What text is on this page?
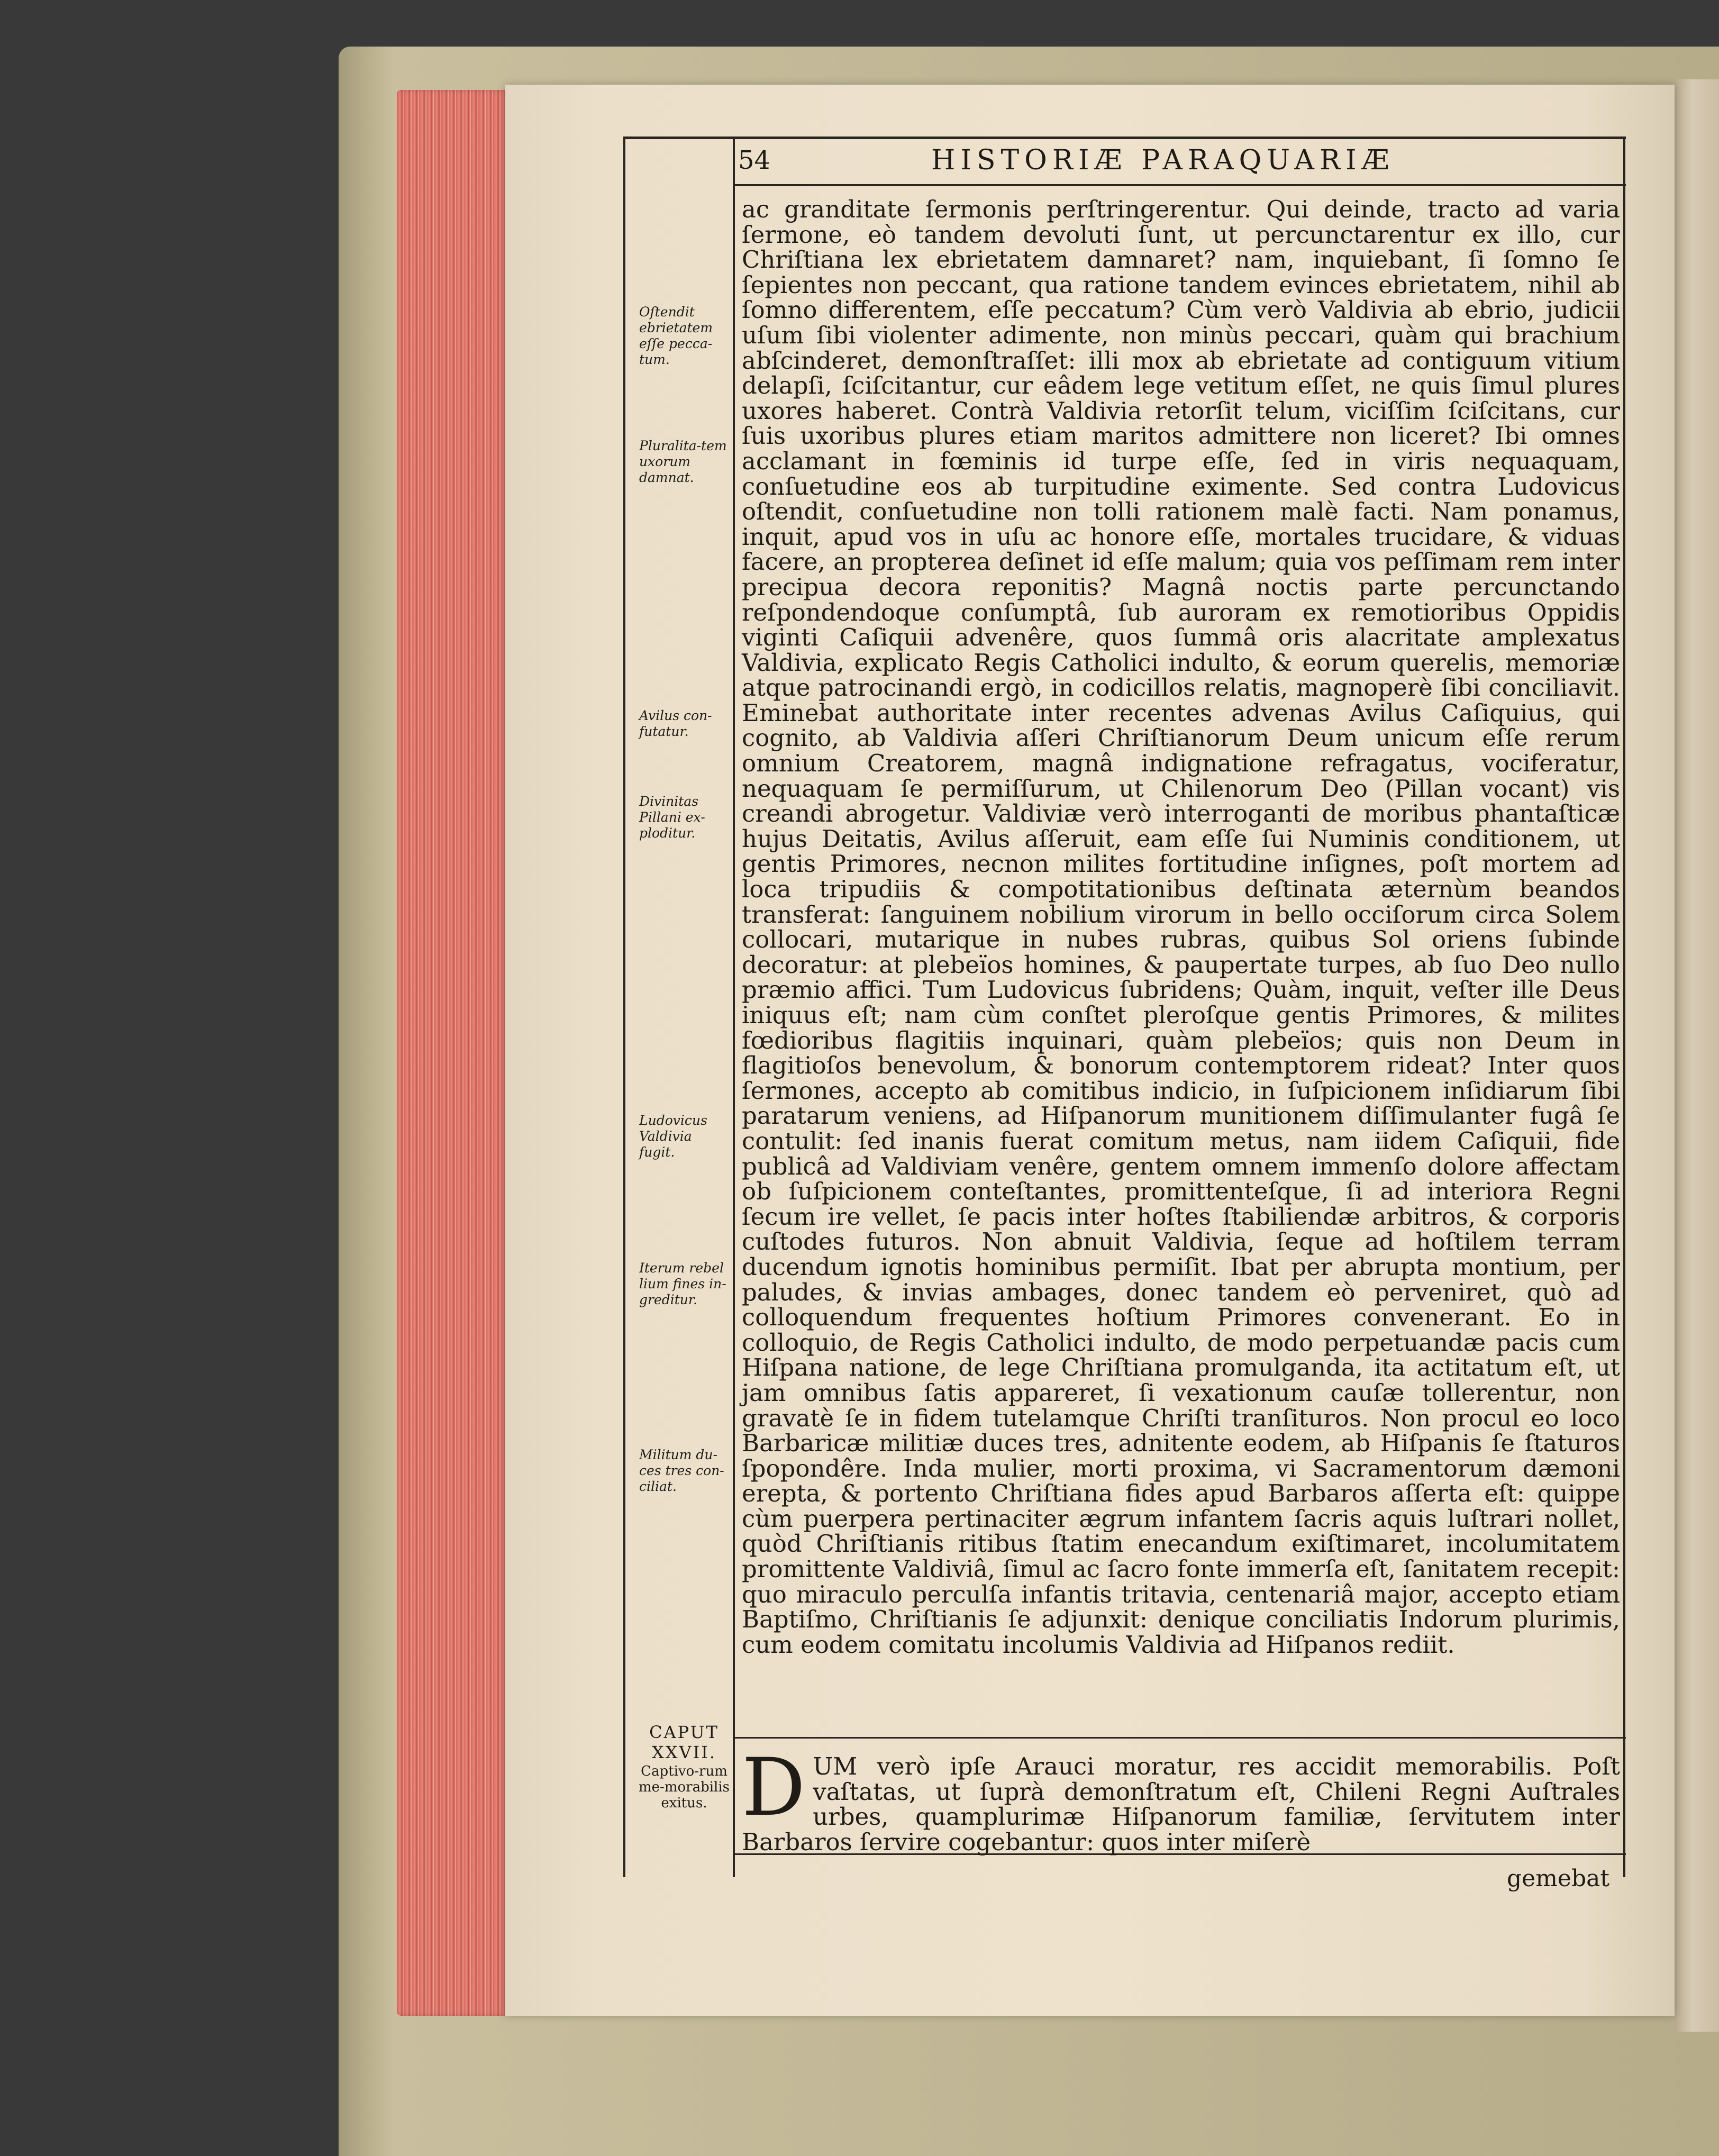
54	HISTORIÆ PARAQUARIÆ

Oſtendit ebrietatem eſſe pecca-tum.

Pluralita-tem uxorum damnat.

Avilus con-futatur.

Divinitas Pillani ex-ploditur.

Ludovicus Valdivia fugit.

Iterum rebel lium fines in-greditur.

Militum du-ces tres con-ciliat.

ac granditate ſermonis perſtringerentur. Qui deinde, tracto ad varia ſermone, eò tandem devoluti ſunt, ut percunctarentur ex illo, cur Chriſtiana lex ebrietatem damnaret? nam, inquiebant, ſi ſomno ſe ſepientes non peccant, qua ratione tandem evinces ebrietatem, nihil ab ſomno differentem, eſſe peccatum? Cùm verò Valdivia ab ebrio, judicii uſum ſibi violenter adimente, non minùs peccari, quàm qui brachium abſcinderet, demonſtraſſet: illi mox ab ebrietate ad contiguum vitium delapſi, ſciſcitantur, cur eâdem lege vetitum eſſet, ne quis ſimul plures uxores haberet. Contrà Valdivia retorſit telum, viciſſim ſciſcitans, cur ſuis uxoribus plures etiam maritos admittere non liceret? Ibi omnes acclamant in fœminis id turpe eſſe, ſed in viris nequaquam, conſuetudine eos ab turpitudine eximente. Sed contra Ludovicus oſtendit, conſuetudine non tolli rationem malè facti. Nam ponamus, inquit, apud vos in uſu ac honore eſſe, mortales trucidare, & viduas facere, an propterea deſinet id eſſe malum; quia vos peſſimam rem inter precipua decora reponitis? Magnâ noctis parte percunctando reſpondendoque conſumptâ, ſub auroram ex remotioribus Oppidis viginti Caſiquii advenêre, quos ſummâ oris alacritate amplexatus Valdivia, explicato Regis Catholici indulto, & eorum querelis, memoriæ atque patrocinandi ergò, in codicillos relatis, magnoperè ſibi conciliavit. Eminebat authoritate inter recentes advenas Avilus Caſiquius, qui cognito, ab Valdivia aſſeri Chriſtianorum Deum unicum eſſe rerum omnium Creatorem, magnâ indignatione refragatus, vociferatur, nequaquam ſe permiſſurum, ut Chilenorum Deo (Pillan vocant) vis creandi abrogetur. Valdiviæ verò interroganti de moribus phantaſticæ hujus Deitatis, Avilus aſſeruit, eam eſſe ſui Numinis conditionem, ut gentis Primores, necnon milites fortitudine inſignes, poſt mortem ad loca tripudiis & compotitationibus deſtinata æternùm beandos transferat: ſanguinem nobilium virorum in bello occiſorum circa Solem collocari, mutarique in nubes rubras, quibus Sol oriens ſubinde decoratur: at plebeïos homines, & paupertate turpes, ab ſuo Deo nullo præmio affici. Tum Ludovicus ſubridens; Quàm, inquit, veſter ille Deus iniquus eſt; nam cùm conſtet pleroſque gentis Primores, & milites fœdioribus flagitiis inquinari, quàm plebeïos; quis non Deum in flagitioſos benevolum, & bonorum contemptorem rideat? Inter quos ſermones, accepto ab comitibus indicio, in ſuſpicionem inſidiarum ſibi paratarum veniens, ad Hiſpanorum munitionem diſſimulanter fugâ ſe contulit: ſed inanis fuerat comitum metus, nam iidem Caſiquii, fide publicâ ad Valdiviam venêre, gentem omnem immenſo dolore affectam ob ſuſpicionem conteſtantes, promittenteſque, ſi ad interiora Regni ſecum ire vellet, ſe pacis inter hoſtes ſtabiliendæ arbitros, & corporis cuſtodes futuros. Non abnuit Valdivia, ſeque ad hoſtilem terram ducendum ignotis hominibus permiſit. Ibat per abrupta montium, per paludes, & invias ambages, donec tandem eò perveniret, quò ad colloquendum frequentes hoſtium Primores convenerant. Eo in colloquio, de Regis Catholici indulto, de modo perpetuandæ pacis cum Hiſpana natione, de lege Chriſtiana promulganda, ita actitatum eſt, ut jam omnibus ſatis appareret, ſi vexationum cauſæ tollerentur, non gravatè ſe in fidem tutelamque Chriſti tranſituros. Non procul eo loco Barbaricæ militiæ duces tres, adnitente eodem, ab Hiſpanis ſe ſtaturos ſpopondêre. Inda mulier, morti proxima, vi Sacramentorum dæmoni erepta, & portento Chriſtiana fides apud Barbaros aſſerta eſt: quippe cùm puerpera pertinaciter ægrum infantem ſacris aquis luſtrari nollet, quòd Chriſtianis ritibus ſtatim enecandum exiſtimaret, incolumitatem promittente Valdiviâ, ſimul ac ſacro fonte immerſa eſt, ſanitatem recepit: quo miraculo perculſa infantis tritavia, centenariâ major, accepto etiam Baptiſmo, Chriſtianis ſe adjunxit: denique conciliatis Indorum plurimis, cum eodem comitatu incolumis Valdivia ad Hiſpanos rediit.

CAPUT XXVII.
Captivo-rum me-morabilis exitus. DUM verò ipſe Arauci moratur, res accidit memorabilis. Poſt vaſtatas, ut ſuprà demonſtratum eſt, Chileni Regni Auſtrales urbes, quamplurimæ Hiſpanorum familiæ, ſervitutem inter Barbaros ſervire cogebantur: quos inter miſerè

gemebat
